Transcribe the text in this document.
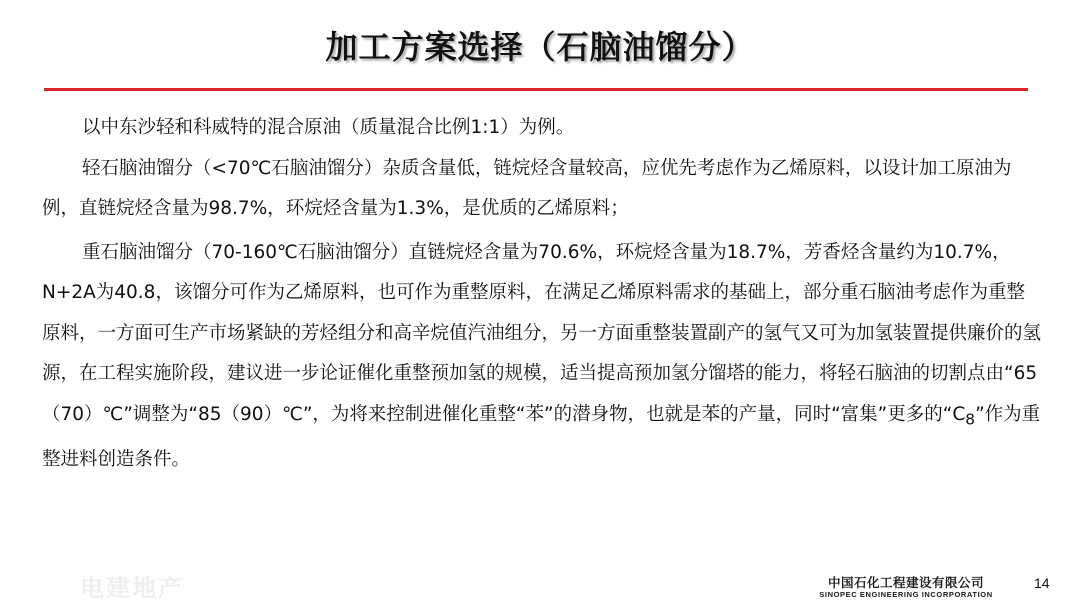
加工方案选择（石脑油馏分）

以中东沙轻和科威特的混合原油（质量混合比例1:1）为例。

轻石脑油馏分（<70℃石脑油馏分）杂质含量低，链烷烃含量较高，应优先考虑作为乙烯原料，以设计加工原油为例，直链烷烃含量为98.7%，环烷烃含量为1.3%，是优质的乙烯原料；

重石脑油馏分（70-160℃石脑油馏分）直链烷烃含量为70.6%，环烷烃含量为18.7%，芳香烃含量约为10.7%，N+2A为40.8，该馏分可作为乙烯原料，也可作为重整原料，在满足乙烯原料需求的基础上，部分重石脑油考虑作为重整原料，一方面可生产市场紧缺的芳烃组分和高辛烷值汽油组分，另一方面重整装置副产的氢气又可为加氢装置提供廉价的氢源，在工程实施阶段，建议进一步论证催化重整预加氢的规模，适当提高预加氢分馏塔的能力，将轻石脑油的切割点由“65（70）℃”调整为“85（90）℃”，为将来控制进催化重整“苯”的潜身物，也就是苯的产量，同时“富集”更多的“$C_8$”作为重整进料创造条件。

电建地产	中国石化工程建设有限公司
SINOPEC ENGINEERING INCORPORATION
14
